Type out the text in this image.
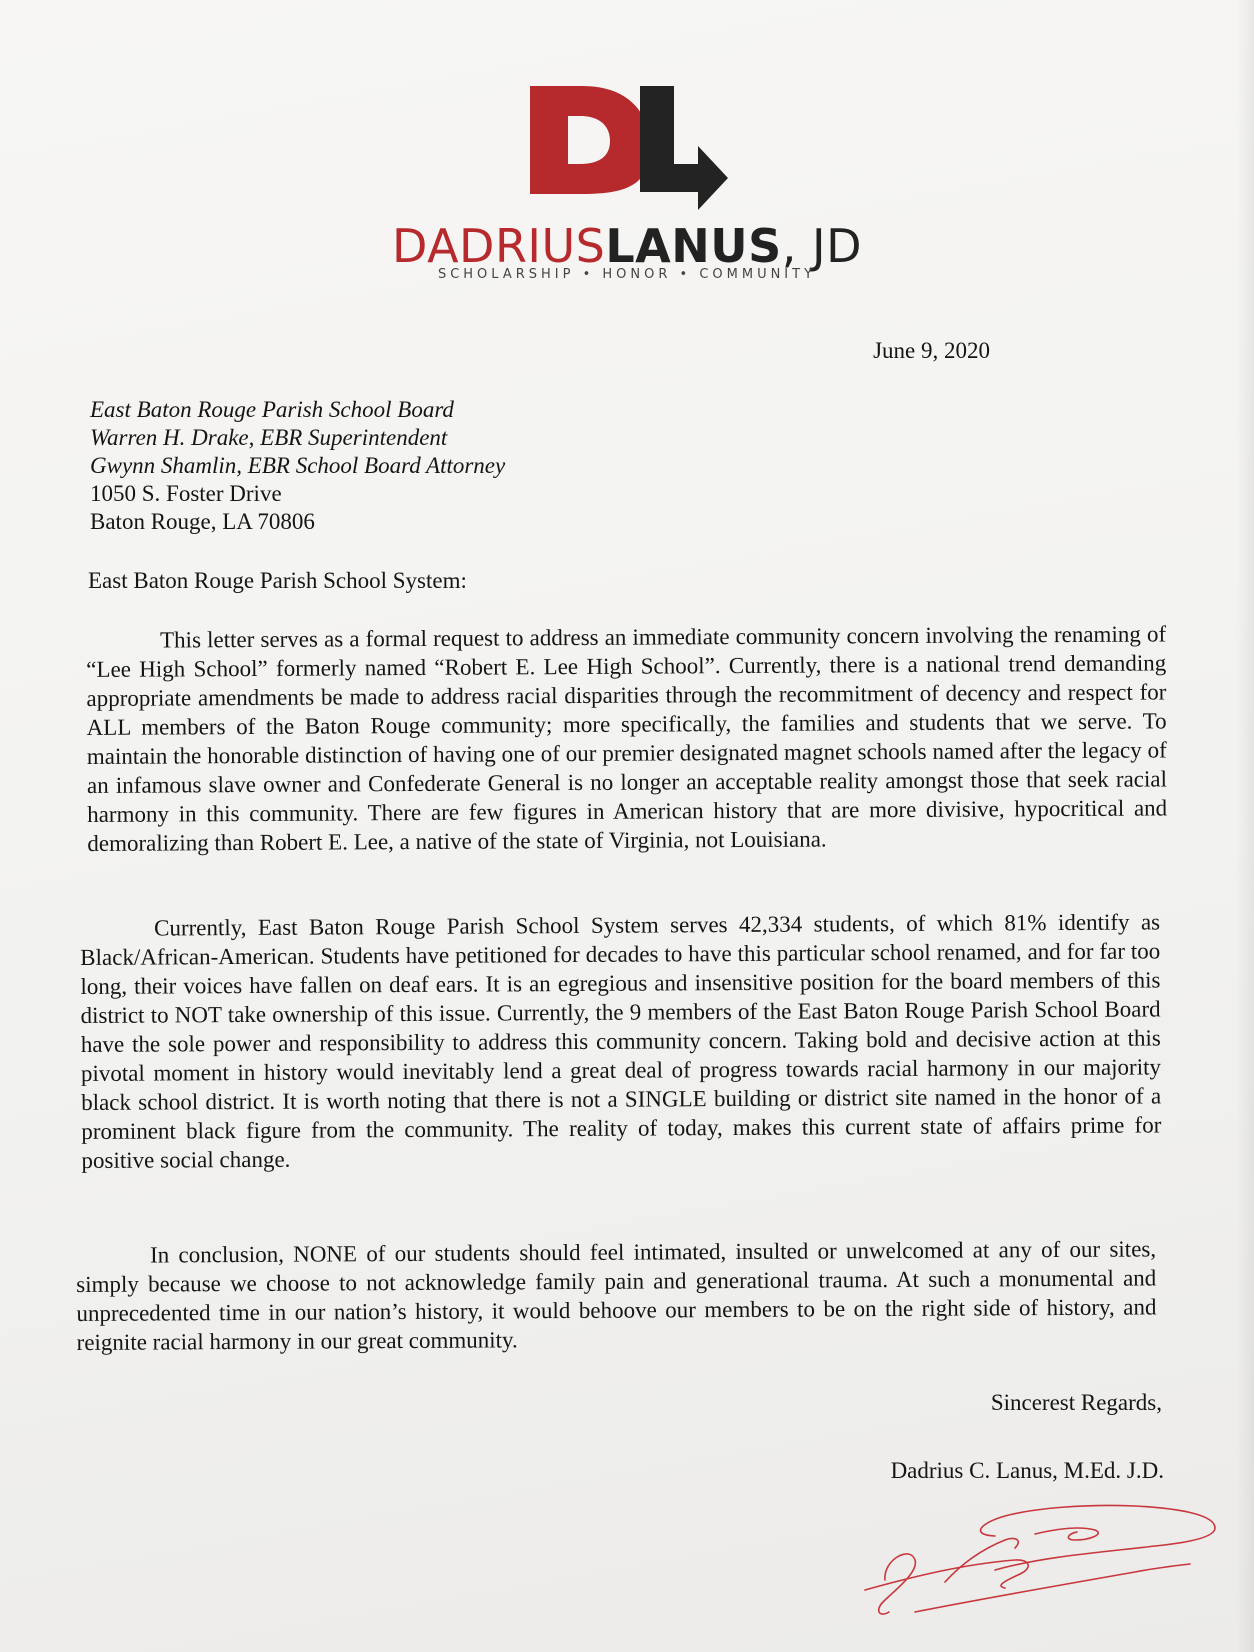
DADRIUSLANUS, JD
SCHOLARSHIP • HONOR • COMMUNITY
June 9, 2020
East Baton Rouge Parish School Board
Warren H. Drake, EBR Superintendent
Gwynn Shamlin, EBR School Board Attorney
1050 S. Foster Drive
Baton Rouge, LA 70806
East Baton Rouge Parish School System:

This letter serves as a formal request to address an immediate community concern involving the renaming of “Lee High School” formerly named “Robert E. Lee High School”. Currently, there is a national trend demanding appropriate amendments be made to address racial disparities through the recommitment of decency and respect for ALL members of the Baton Rouge community; more specifically, the families and students that we serve. To maintain the honorable distinction of having one of our premier designated magnet schools named after the legacy of an infamous slave owner and Confederate General is no longer an acceptable reality amongst those that seek racial harmony in this community. There are few figures in American history that are more divisive, hypocritical and demoralizing than Robert E. Lee, a native of the state of Virginia, not Louisiana.

Currently, East Baton Rouge Parish School System serves 42,334 students, of which 81% identify as Black/African-American. Students have petitioned for decades to have this particular school renamed, and for far too long, their voices have fallen on deaf ears. It is an egregious and insensitive position for the board members of this district to NOT take ownership of this issue. Currently, the 9 members of the East Baton Rouge Parish School Board have the sole power and responsibility to address this community concern. Taking bold and decisive action at this pivotal moment in history would inevitably lend a great deal of progress towards racial harmony in our majority black school district. It is worth noting that there is not a SINGLE building or district site named in the honor of a prominent black figure from the community. The reality of today, makes this current state of affairs prime for positive social change.

In conclusion, NONE of our students should feel intimated, insulted or unwelcomed at any of our sites, simply because we choose to not acknowledge family pain and generational trauma. At such a monumental and unprecedented time in our nation’s history, it would behoove our members to be on the right side of history, and reignite racial harmony in our great community.

Sincerest Regards,
Dadrius C. Lanus, M.Ed. J.D.
